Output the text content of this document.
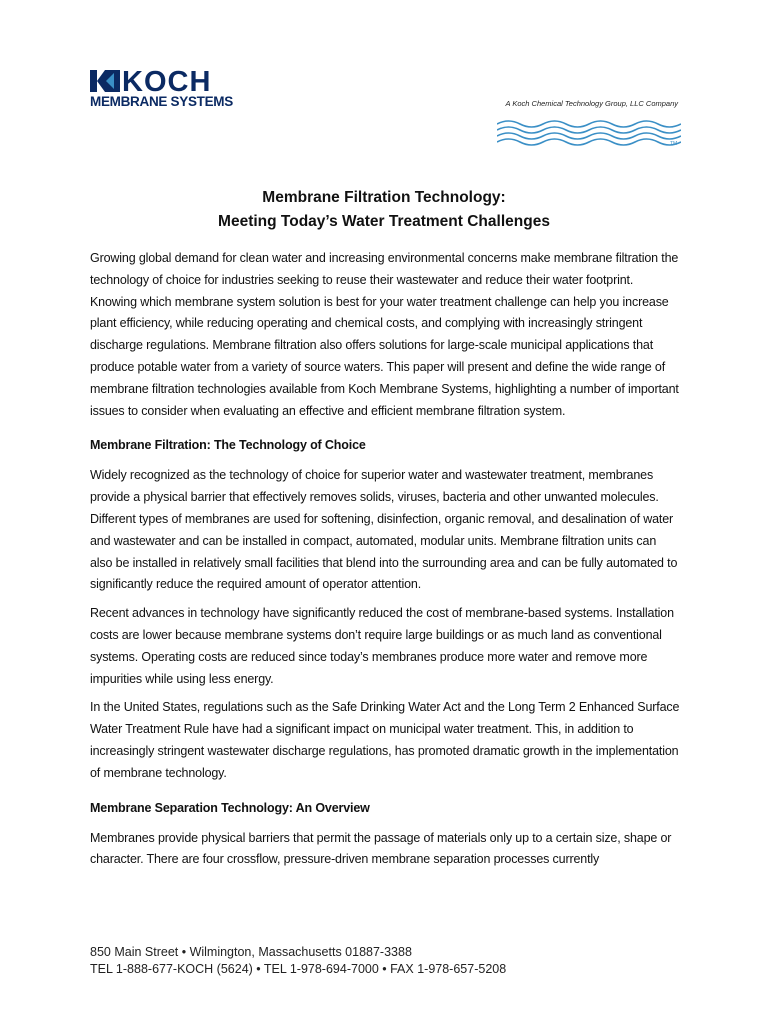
KOCH
MEMBRANE SYSTEMS	A Koch Chemical Technology Group, LLC Company
TM
Membrane Filtration Technology:
Meeting Today’s Water Treatment Challenges

Growing global demand for clean water and increasing environmental concerns make membrane filtration the technology of choice for industries seeking to reuse their wastewater and reduce their water footprint. Knowing which membrane system solution is best for your water treatment challenge can help you increase plant efficiency, while reducing operating and chemical costs, and complying with increasingly stringent discharge regulations. Membrane filtration also offers solutions for large-scale municipal applications that produce potable water from a variety of source waters. This paper will present and define the wide range of membrane filtration technologies available from Koch Membrane Systems, highlighting a number of important issues to consider when evaluating an effective and efficient membrane filtration system.

Membrane Filtration: The Technology of Choice

Widely recognized as the technology of choice for superior water and wastewater treatment, membranes provide a physical barrier that effectively removes solids, viruses, bacteria and other unwanted molecules. Different types of membranes are used for softening, disinfection, organic removal, and desalination of water and wastewater and can be installed in compact, automated, modular units. Membrane filtration units can also be installed in relatively small facilities that blend into the surrounding area and can be fully automated to significantly reduce the required amount of operator attention.

Recent advances in technology have significantly reduced the cost of membrane-based systems. Installation costs are lower because membrane systems don’t require large buildings or as much land as conventional systems. Operating costs are reduced since today’s membranes produce more water and remove more impurities while using less energy.

In the United States, regulations such as the Safe Drinking Water Act and the Long Term 2 Enhanced Surface Water Treatment Rule have had a significant impact on municipal water treatment. This, in addition to increasingly stringent wastewater discharge regulations, has promoted dramatic growth in the implementation of membrane technology.

Membrane Separation Technology: An Overview

Membranes provide physical barriers that permit the passage of materials only up to a certain size, shape or character. There are four crossflow, pressure-driven membrane separation processes currently

850 Main Street • Wilmington, Massachusetts 01887-3388
TEL 1-888-677-KOCH (5624) • TEL 1-978-694-7000 • FAX 1-978-657-5208
